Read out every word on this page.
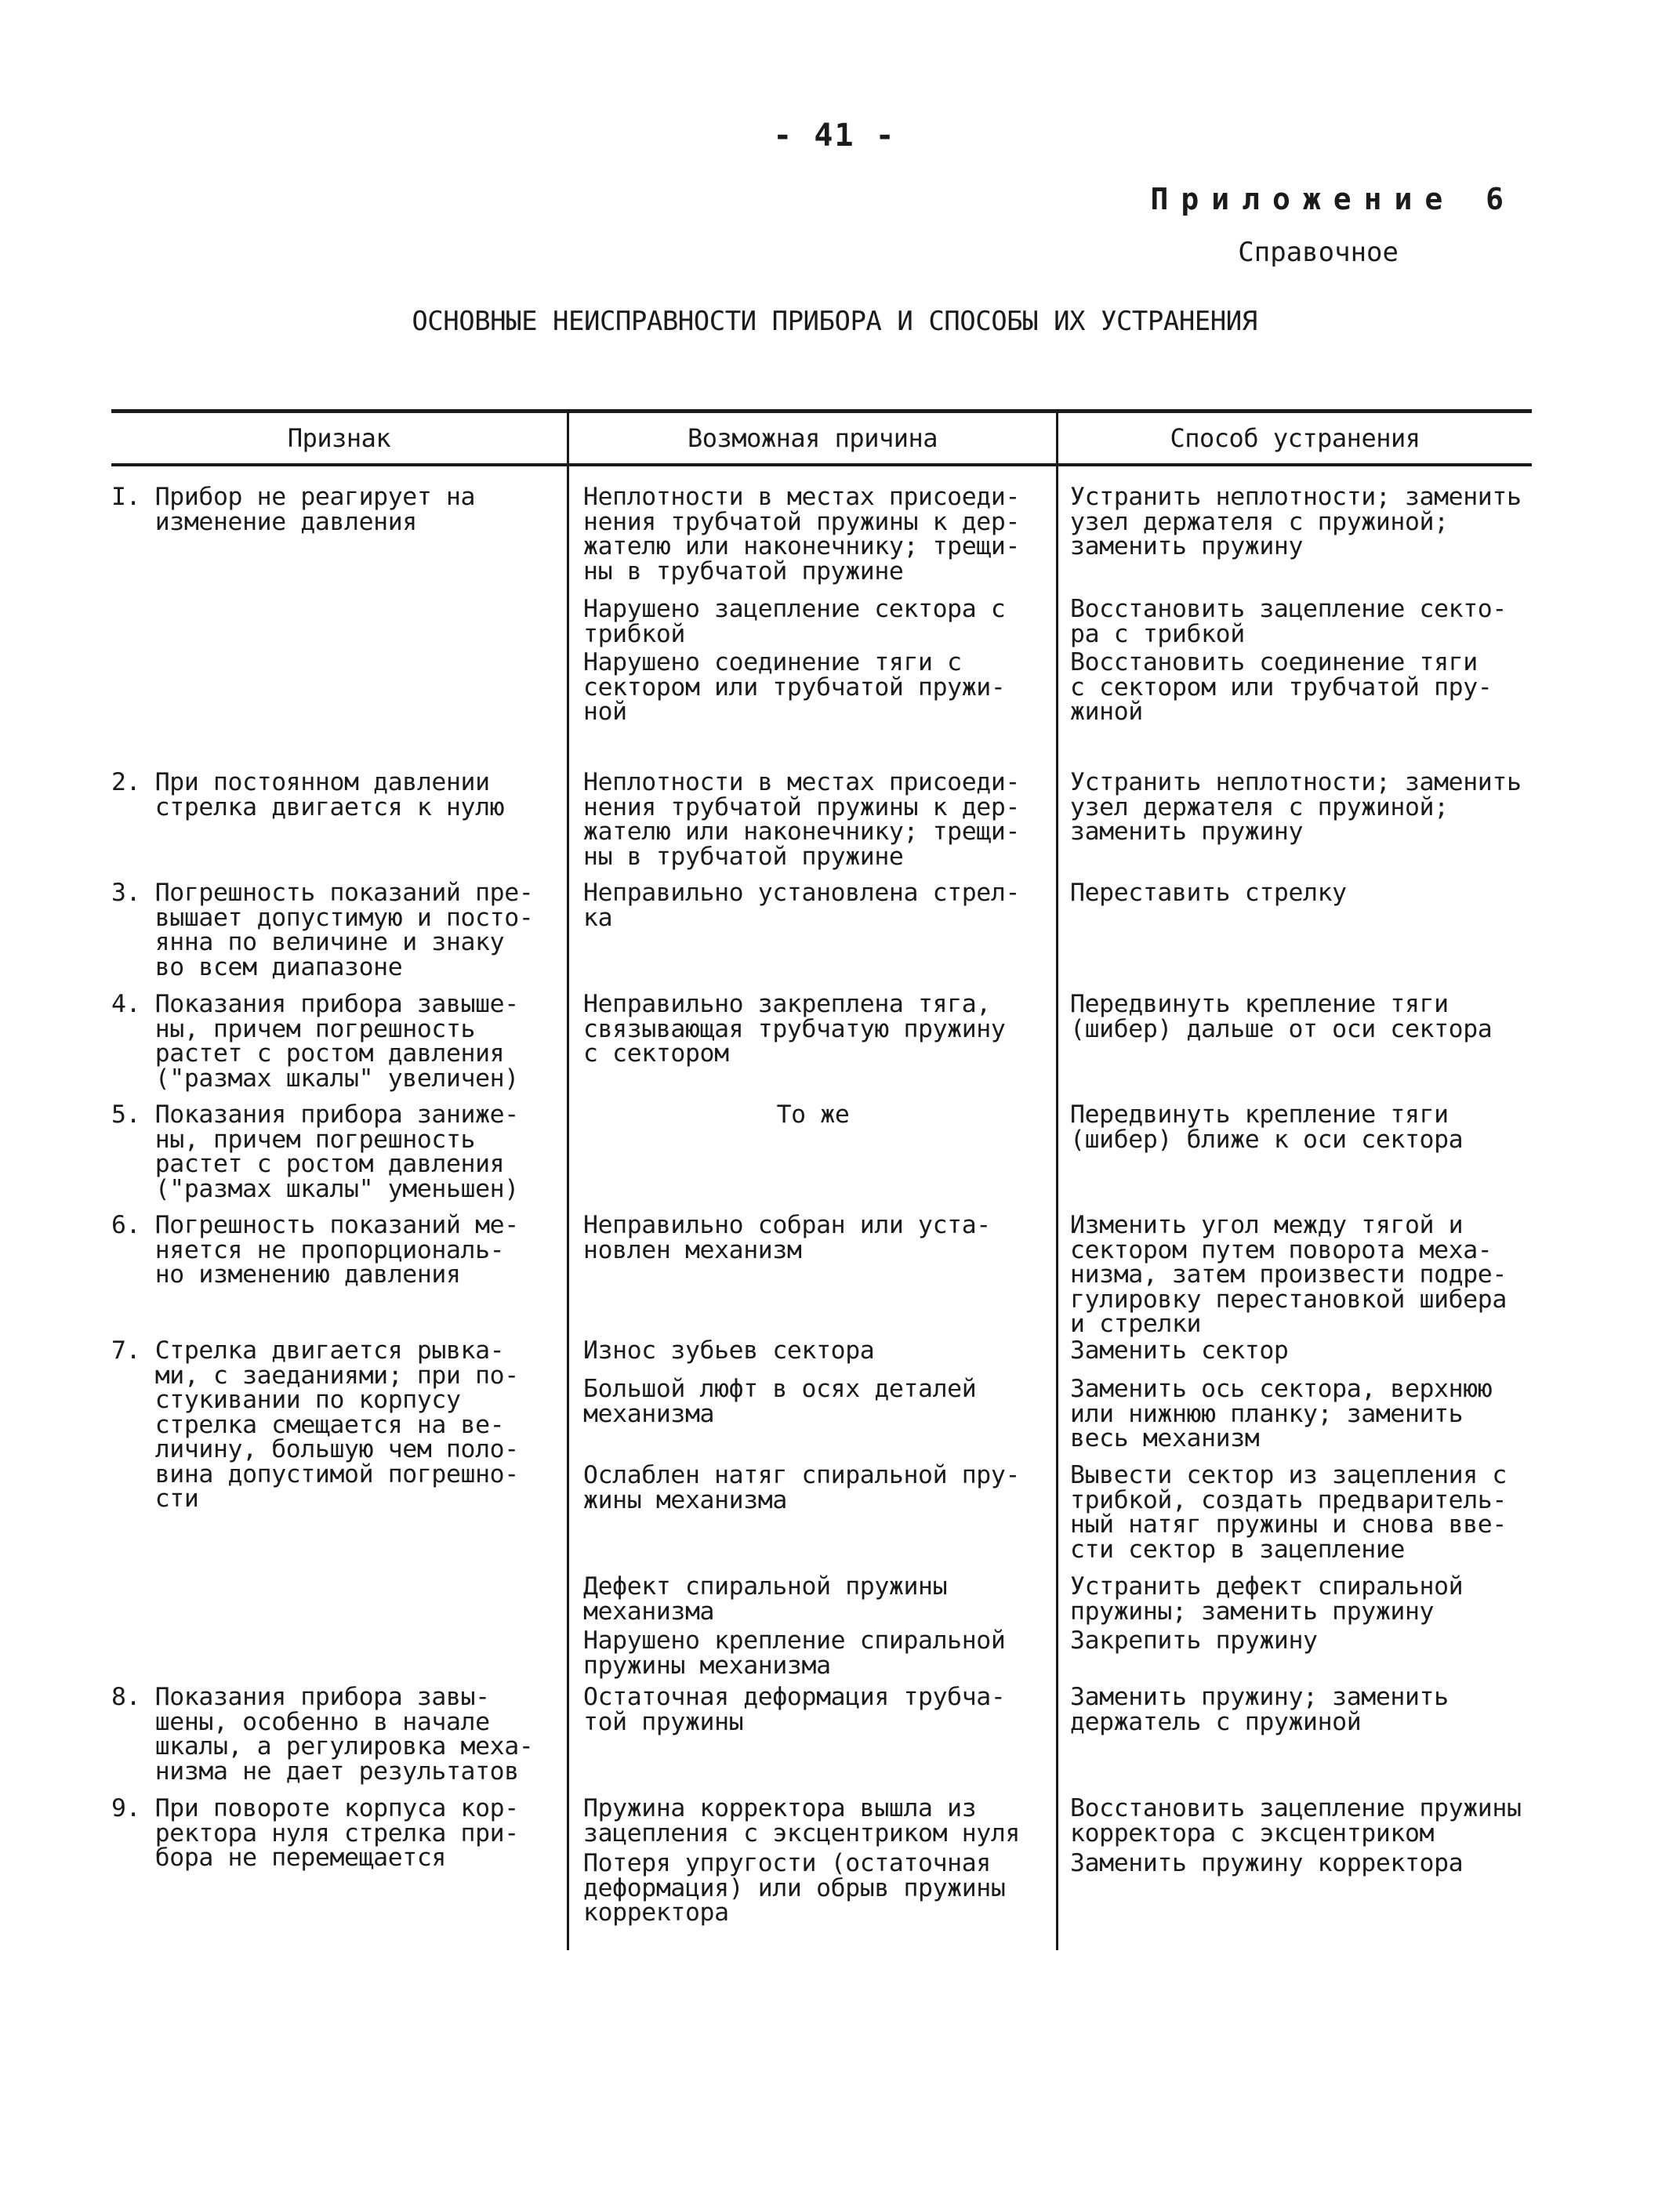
- 41 -
Приложение 6
Справочное
ОСНОВНЫЕ НЕИСПРАВНОСТИ ПРИБОРА И СПОСОБЫ ИХ УСТРАНЕНИЯ
Признак	Возможная причина	Способ устранения
I. Прибор не реагирует на
изменение давления
2. При постоянном давлении
стрелка двигается к нулю
3. Погрешность показаний пре-
вышает допустимую и посто-
янна по величине и знаку
во всем диапазоне
4. Показания прибора завыше-
ны, причем погрешность
растет с ростом давления
("размах шкалы" увеличен)
5. Показания прибора заниже-
ны, причем погрешность
растет с ростом давления
("размах шкалы" уменьшен)
6. Погрешность показаний ме-
няется не пропорциональ-
но изменению давления
7. Стрелка двигается рывка-
ми, с заеданиями; при по-
стукивании по корпусу
стрелка смещается на ве-
личину, большую чем поло-
вина допустимой погрешно-
сти
8. Показания прибора завы-
шены, особенно в начале
шкалы, а регулировка меха-
низма не дает результатов
9. При повороте корпуса кор-
ректора нуля стрелка при-
бора не перемещается
Неплотности в местах присоеди-
нения трубчатой пружины к дер-
жателю или наконечнику; трещи-
ны в трубчатой пружине
Нарушено зацепление сектора с
трибкой
Нарушено соединение тяги с
сектором или трубчатой пружи-
ной
Неплотности в местах присоеди-
нения трубчатой пружины к дер-
жателю или наконечнику; трещи-
ны в трубчатой пружине
Неправильно установлена стрел-
ка
Неправильно закреплена тяга,
связывающая трубчатую пружину
с сектором
То же
Неправильно собран или уста-
новлен механизм
Износ зубьев сектора
Большой люфт в осях деталей
механизма
Ослаблен натяг спиральной пру-
жины механизма
Дефект спиральной пружины
механизма
Нарушено крепление спиральной
пружины механизма
Остаточная деформация трубча-
той пружины
Пружина корректора вышла из
зацепления с эксцентриком нуля
Потеря упругости (остаточная
деформация) или обрыв пружины
корректора
Устранить неплотности; заменить
узел держателя с пружиной;
заменить пружину
Восстановить зацепление секто-
ра с трибкой
Восстановить соединение тяги
с сектором или трубчатой пру-
жиной
Устранить неплотности; заменить
узел держателя с пружиной;
заменить пружину
Переставить стрелку
Передвинуть крепление тяги
(шибер) дальше от оси сектора
Передвинуть крепление тяги
(шибер) ближе к оси сектора
Изменить угол между тягой и
сектором путем поворота меха-
низма, затем произвести подре-
гулировку перестановкой шибера
и стрелки
Заменить сектор
Заменить ось сектора, верхнюю
или нижнюю планку; заменить
весь механизм
Вывести сектор из зацепления с
трибкой, создать предваритель-
ный натяг пружины и снова вве-
сти сектор в зацепление
Устранить дефект спиральной
пружины; заменить пружину
Закрепить пружину
Заменить пружину; заменить
держатель с пружиной
Восстановить зацепление пружины
корректора с эксцентриком
Заменить пружину корректора
